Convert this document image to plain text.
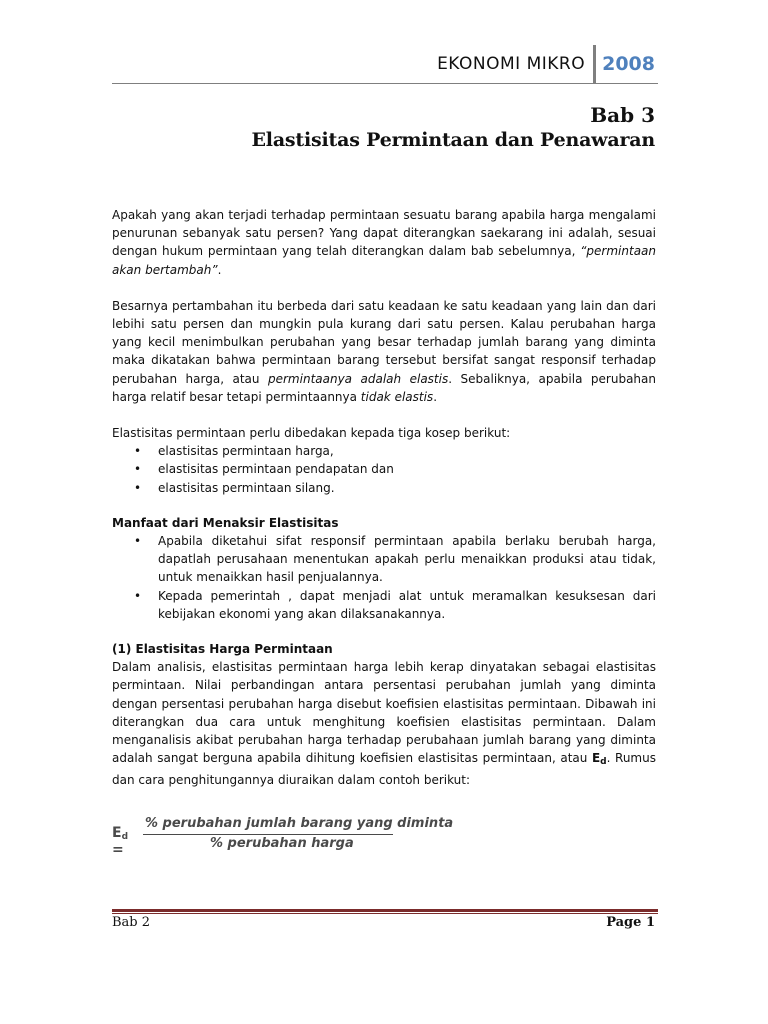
EKONOMI MIKRO 2008
Bab 3
Elastisitas Permintaan dan Penawaran

Apakah yang akan terjadi terhadap permintaan sesuatu barang apabila harga mengalami penurunan sebanyak satu persen? Yang dapat diterangkan saekarang ini adalah, sesuai dengan hukum permintaan yang telah diterangkan dalam bab sebelumnya, “permintaan akan bertambah”.

Besarnya pertambahan itu berbeda dari satu keadaan ke satu keadaan yang lain dan dari lebihi satu persen dan mungkin pula kurang dari satu persen. Kalau perubahan harga yang kecil menimbulkan perubahan yang besar terhadap jumlah barang yang diminta maka dikatakan bahwa permintaan barang tersebut bersifat sangat responsif terhadap perubahan harga, atau permintaanya adalah elastis. Sebaliknya, apabila perubahan harga relatif besar tetapi permintaannya tidak elastis.

Elastisitas permintaan perlu dibedakan kepada tiga kosep berikut:

• elastisitas permintaan harga,
• elastisitas permintaan pendapatan dan
• elastisitas permintaan silang.

Manfaat dari Menaksir Elastisitas

• Apabila diketahui sifat responsif permintaan apabila berlaku berubah harga, dapatlah perusahaan menentukan apakah perlu menaikkan produksi atau tidak, untuk menaikkan hasil penjualannya.
• Kepada pemerintah , dapat menjadi alat untuk meramalkan kesuksesan dari kebijakan ekonomi yang akan dilaksanakannya.

(1) Elastisitas Harga Permintaan

Dalam analisis, elastisitas permintaan harga lebih kerap dinyatakan sebagai elastisitas permintaan. Nilai perbandingan antara persentasi perubahan jumlah yang diminta dengan persentasi perubahan harga disebut koefisien elastisitas permintaan. Dibawah ini diterangkan dua cara untuk menghitung koefisien elastisitas permintaan. Dalam menganalisis akibat perubahan harga terhadap perubahaan jumlah barang yang diminta adalah sangat berguna apabila dihitung koefisien elastisitas permintaan, atau $E_d$. Rumus dan cara penghitungannya diuraikan dalam contoh berikut:

$E_d$ =
% perubahan jumlah barang yang diminta
% perubahan harga
Bab 2	Page 1
